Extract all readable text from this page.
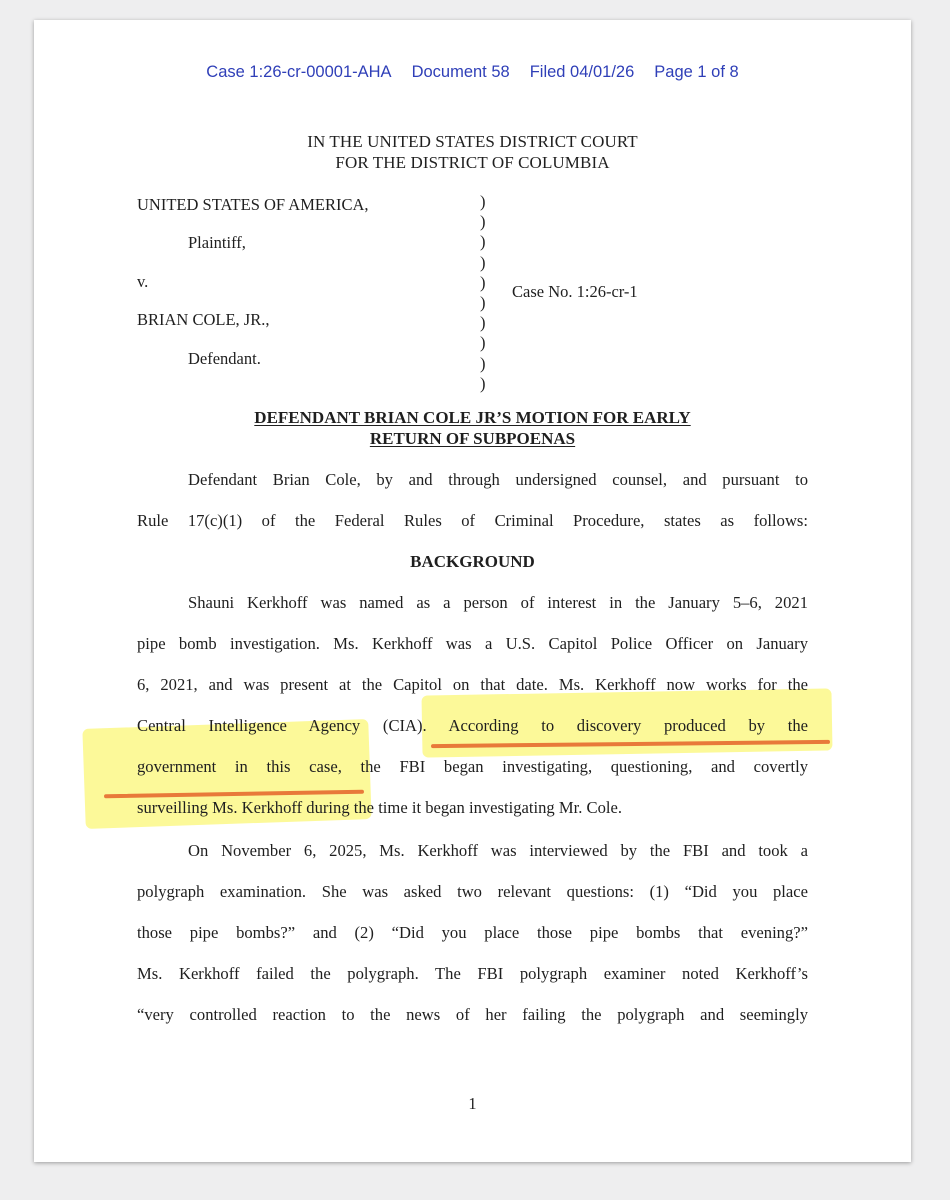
Case 1:26-cr-00001-AHA Document 58 Filed 04/01/26 Page 1 of 8
IN THE UNITED STATES DISTRICT COURT
FOR THE DISTRICT OF COLUMBIA
UNITED STATES OF AMERICA,
Plaintiff,
v.
BRIAN COLE, JR.,
Defendant.
Case No. 1:26-cr-1
)
)
)
)
)
)
)
)
)
)
DEFENDANT BRIAN COLE JR’S MOTION FOR EARLY
RETURN OF SUBPOENAS
Defendant Brian Cole, by and through undersigned counsel, and pursuant to
Rule 17(c)(1) of the Federal Rules of Criminal Procedure, states as follows:
BACKGROUND
Shauni Kerkhoff was named as a person of interest in the January 5–6, 2021
pipe bomb investigation. Ms. Kerkhoff was a U.S. Capitol Police Officer on January
6, 2021, and was present at the Capitol on that date. Ms. Kerkhoff now works for the
Central Intelligence Agency (CIA). According to discovery produced by the
government in this case, the FBI began investigating, questioning, and covertly
surveilling Ms. Kerkhoff during the time it began investigating Mr. Cole.
On November 6, 2025, Ms. Kerkhoff was interviewed by the FBI and took a
polygraph examination. She was asked two relevant questions: (1) “Did you place
those pipe bombs?” and (2) “Did you place those pipe bombs that evening?”
Ms. Kerkhoff failed the polygraph. The FBI polygraph examiner noted Kerkhoff’s
“very controlled reaction to the news of her failing the polygraph and seemingly
1
